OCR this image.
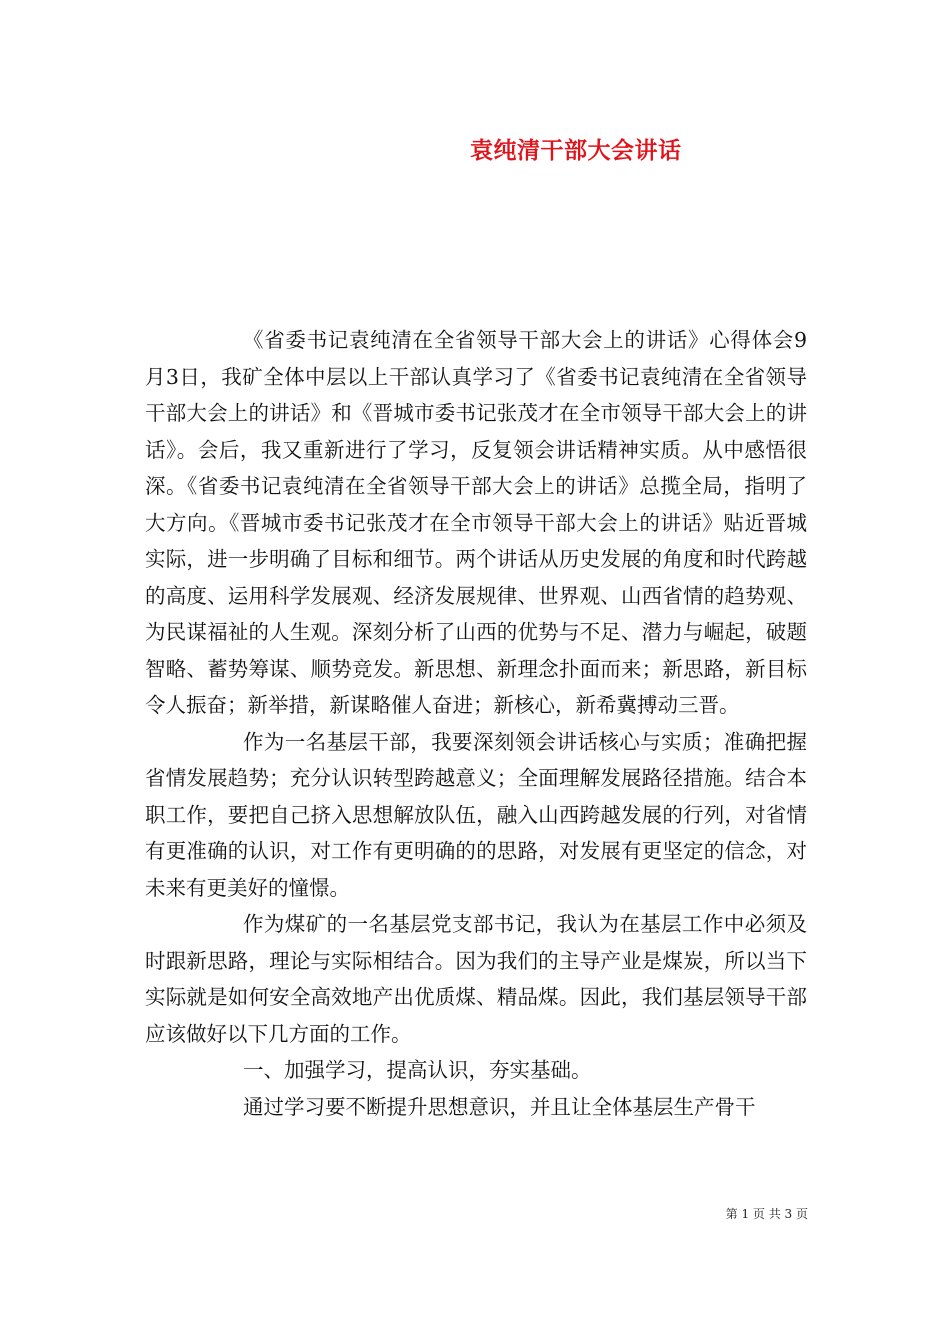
袁纯清干部大会讲话

《省委书记袁纯清在全省领导干部大会上的讲话》心得体会9月3日，我矿全体中层以上干部认真学习了《省委书记袁纯清在全省领导干部大会上的讲话》和《晋城市委书记张茂才在全市领导干部大会上的讲话》。会后，我又重新进行了学习，反复领会讲话精神实质。从中感悟很深。《省委书记袁纯清在全省领导干部大会上的讲话》总揽全局，指明了大方向。《晋城市委书记张茂才在全市领导干部大会上的讲话》贴近晋城实际，进一步明确了目标和细节。两个讲话从历史发展的角度和时代跨越的高度、运用科学发展观、经济发展规律、世界观、山西省情的趋势观、为民谋福祉的人生观。深刻分析了山西的优势与不足、潜力与崛起，破题智略、蓄势筹谋、顺势竞发。新思想、新理念扑面而来；新思路，新目标令人振奋；新举措，新谋略催人奋进；新核心，新希冀搏动三晋。

作为一名基层干部，我要深刻领会讲话核心与实质；准确把握省情发展趋势；充分认识转型跨越意义；全面理解发展路径措施。结合本职工作，要把自己挤入思想解放队伍，融入山西跨越发展的行列，对省情有更准确的认识，对工作有更明确的的思路，对发展有更坚定的信念，对未来有更美好的憧憬。

作为煤矿的一名基层党支部书记，我认为在基层工作中必须及时跟新思路，理论与实际相结合。因为我们的主导产业是煤炭，所以当下实际就是如何安全高效地产出优质煤、精品煤。因此，我们基层领导干部应该做好以下几方面的工作。

一、加强学习，提高认识，夯实基础。

通过学习要不断提升思想意识，并且让全体基层生产骨干

第 1 页 共 3 页
